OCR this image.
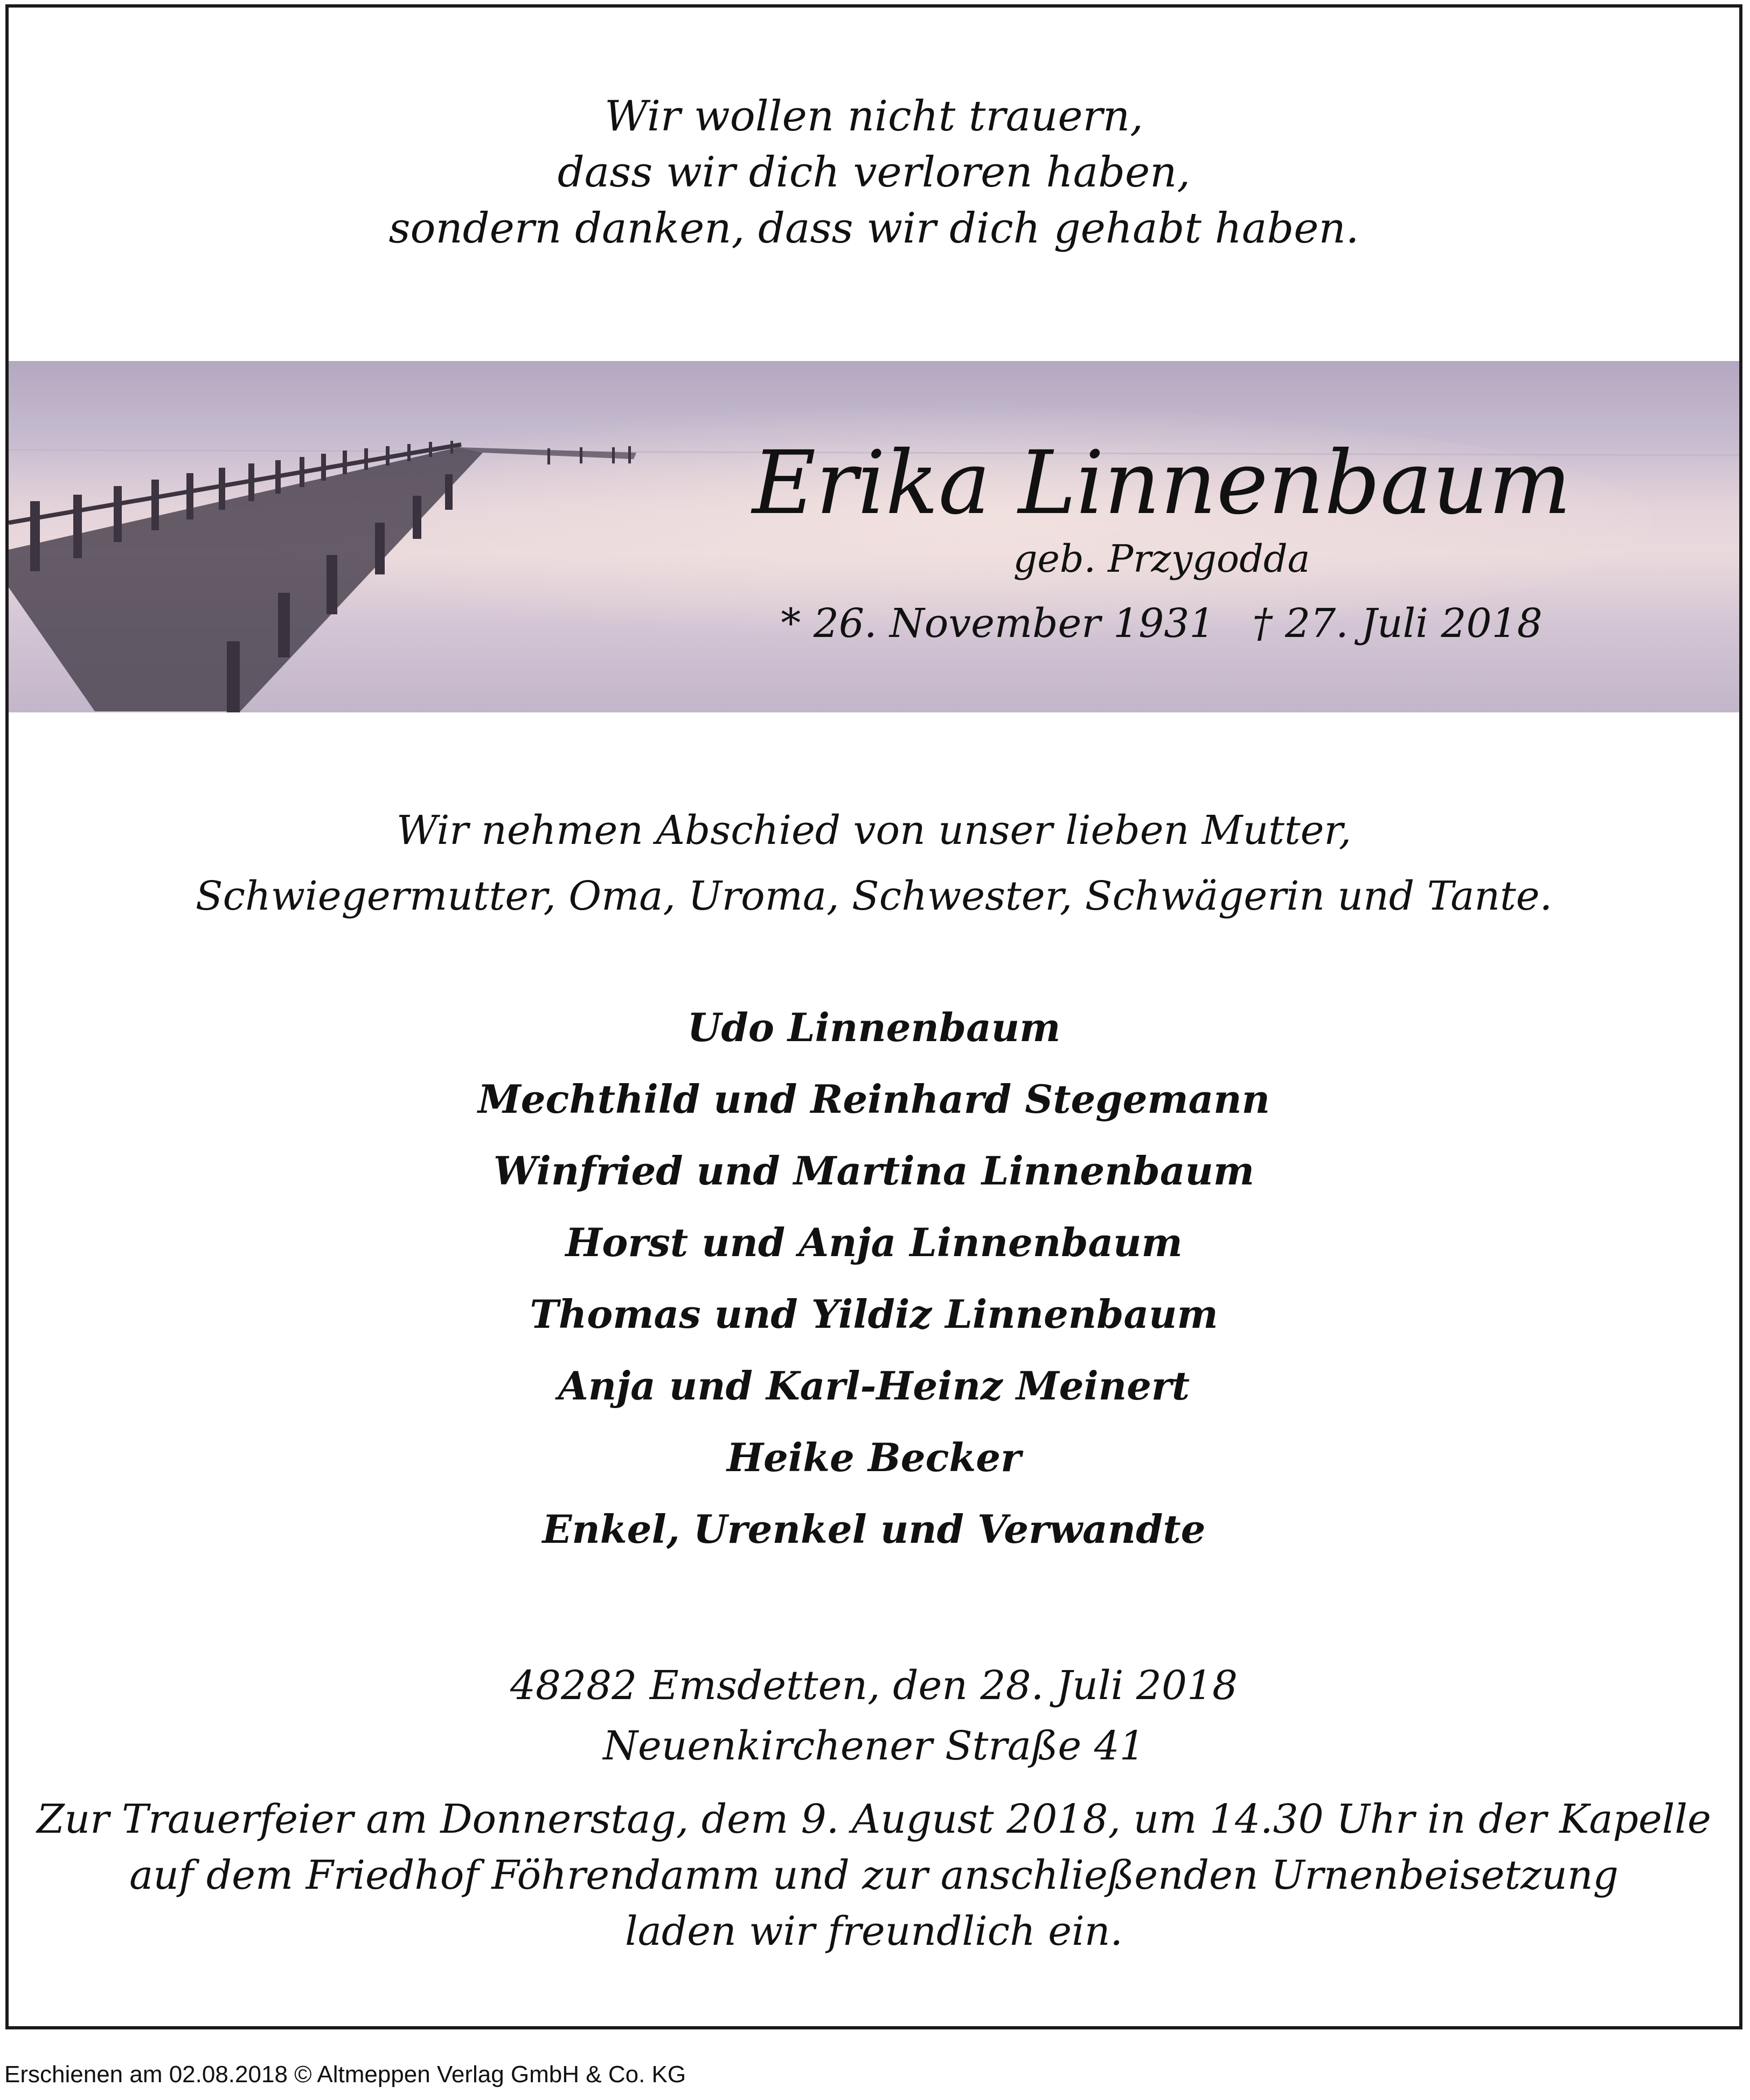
Wir wollen nicht trauern,
dass wir dich verloren haben,
sondern danken, dass wir dich gehabt haben.
Erika Linnenbaum
geb. Przygodda
* 26. November 1931 † 27. Juli 2018
Wir nehmen Abschied von unser lieben Mutter,
Schwiegermutter, Oma, Uroma, Schwester, Schwägerin und Tante.
Udo Linnenbaum
Mechthild und Reinhard Stegemann
Winfried und Martina Linnenbaum
Horst und Anja Linnenbaum
Thomas und Yildiz Linnenbaum
Anja und Karl-Heinz Meinert
Heike Becker
Enkel, Urenkel und Verwandte
48282 Emsdetten, den 28. Juli 2018
Neuenkirchener Straße 41
Zur Trauerfeier am Donnerstag, dem 9. August 2018, um 14.30 Uhr in der Kapelle
auf dem Friedhof Föhrendamm und zur anschließenden Urnenbeisetzung
laden wir freundlich ein.
Erschienen am 02.08.2018 © Altmeppen Verlag GmbH & Co. KG
